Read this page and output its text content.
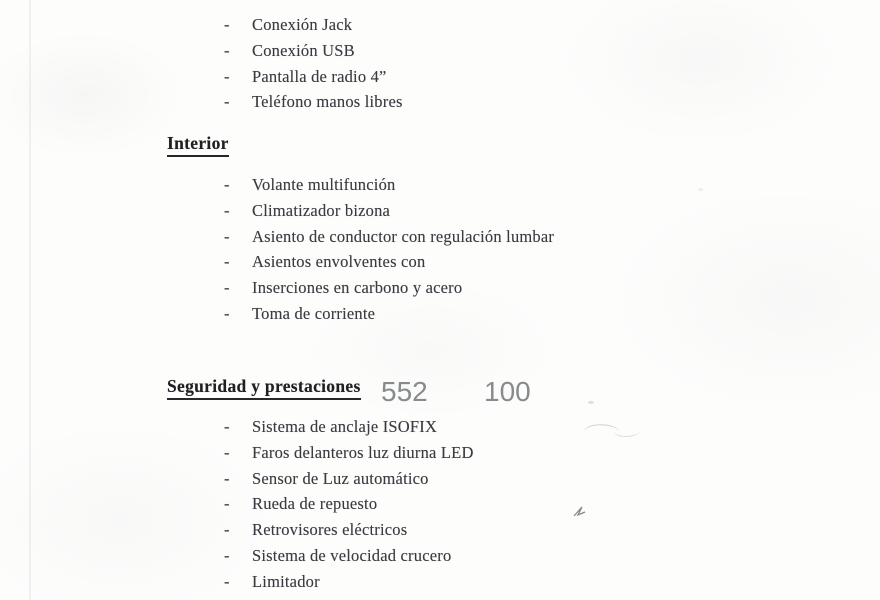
- Conexión Jack
- Conexión USB
- Pantalla de radio 4”
- Teléfono manos libres
Interior
- Volante multifunción
- Climatizador bizona
- Asiento de conductor con regulación lumbar
- Asientos envolventes con
- Inserciones en carbono y acero
- Toma de corriente
Seguridad y prestaciones 552 100
- Sistema de anclaje ISOFIX
- Faros delanteros luz diurna LED
- Sensor de Luz automático
- Rueda de repuesto
- Retrovisores eléctricos
- Sistema de velocidad crucero
- Limitador
